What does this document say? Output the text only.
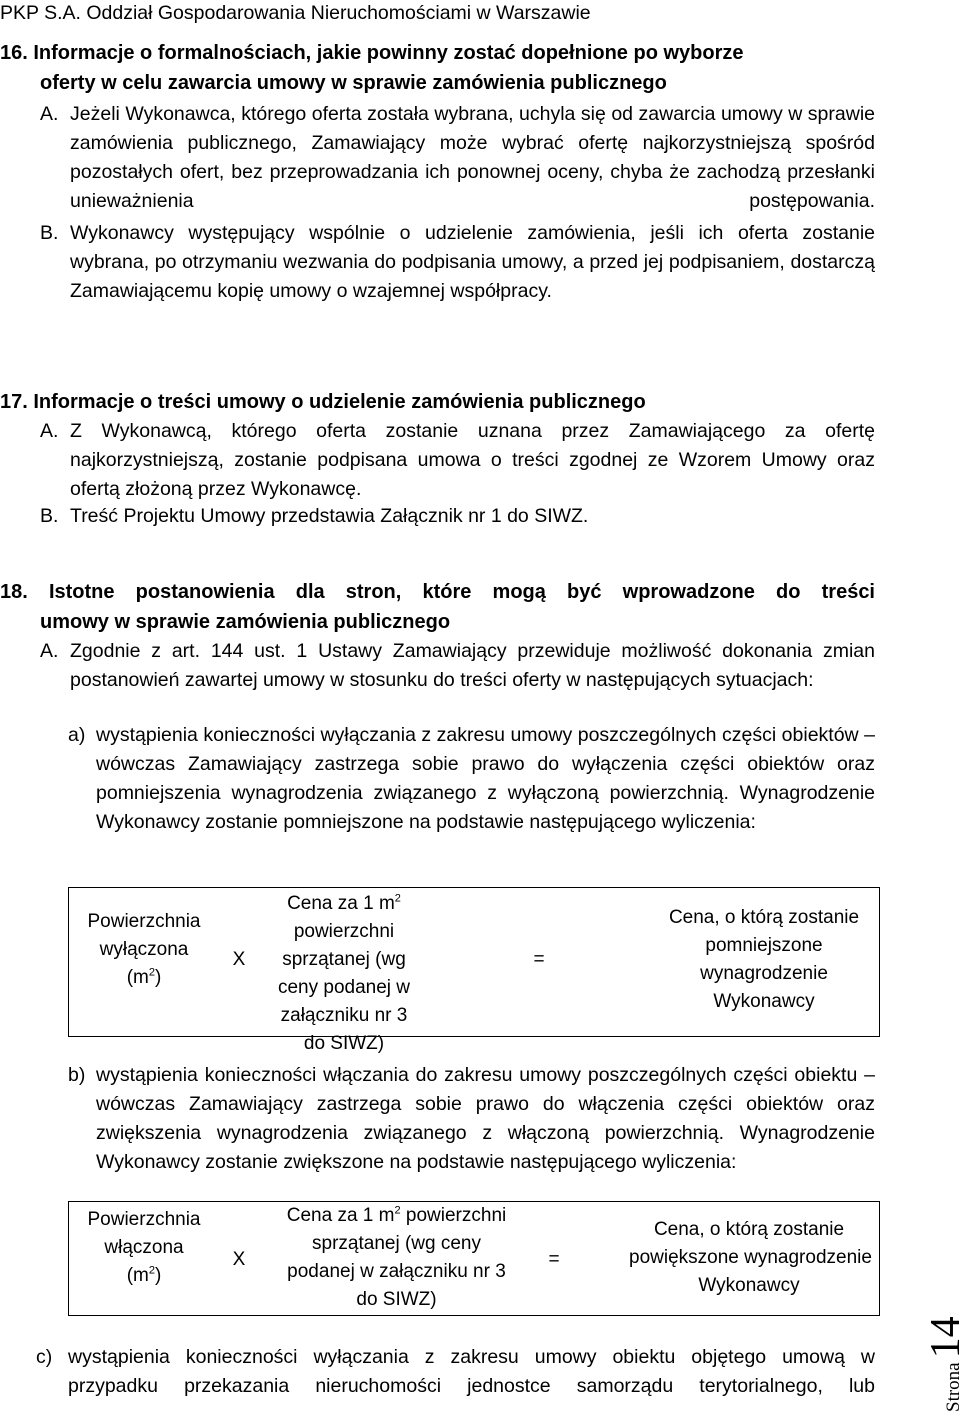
PKP S.A. Oddział Gospodarowania Nieruchomościami w Warszawie
16. Informacje o formalnościach, jakie powinny zostać dopełnione po wyborze
oferty w celu zawarcia umowy w sprawie zamówienia publicznego
A. Jeżeli Wykonawca, którego oferta została wybrana, uchyla się od zawarcia umowy w sprawie zamówienia publicznego, Zamawiający może wybrać ofertę najkorzystniejszą spośród pozostałych ofert, bez przeprowadzania ich ponownej oceny, chyba że zachodzą przesłanki unieważnienia postępowania.
B. Wykonawcy występujący wspólnie o udzielenie zamówienia, jeśli ich oferta zostanie wybrana, po otrzymaniu wezwania do podpisania umowy, a przed jej podpisaniem, dostarczą Zamawiającemu kopię umowy o wzajemnej współpracy.
17. Informacje o treści umowy o udzielenie zamówienia publicznego
A. Z Wykonawcą, którego oferta zostanie uznana przez Zamawiającego za ofertę najkorzystniejszą, zostanie podpisana umowa o treści zgodnej ze Wzorem Umowy oraz ofertą złożoną przez Wykonawcę.
B. Treść Projektu Umowy przedstawia Załącznik nr 1 do SIWZ.
18. Istotne postanowienia dla stron, które mogą być wprowadzone do treści
umowy w sprawie zamówienia publicznego
A. Zgodnie z art. 144 ust. 1 Ustawy Zamawiający przewiduje możliwość dokonania zmian postanowień zawartej umowy w stosunku do treści oferty w następujących sytuacjach:
a) wystąpienia konieczności wyłączania z zakresu umowy poszczególnych części obiektów – wówczas Zamawiający zastrzega sobie prawo do wyłączenia części obiektów oraz pomniejszenia wynagrodzenia związanego z wyłączoną powierzchnią. Wynagrodzenie Wykonawcy zostanie pomniejszone na podstawie następującego wyliczenia:
Powierzchnia
wyłączona
$(m^2)$
X
Cena za 1 $m^2$ powierzchni
sprzątanej (wg
ceny podanej w
załączniku nr 3
do SIWZ)
=
Cena, o którą zostanie
pomniejszone
wynagrodzenie
Wykonawcy
b) wystąpienia konieczności włączania do zakresu umowy poszczególnych części obiektu – wówczas Zamawiający zastrzega sobie prawo do włączenia części obiektów oraz zwiększenia wynagrodzenia związanego z włączoną powierzchnią. Wynagrodzenie Wykonawcy zostanie zwiększone na podstawie następującego wyliczenia:
Powierzchnia
włączona
$(m^2)$
X
Cena za 1 $m^2$ powierzchni
sprzątanej (wg ceny
podanej w załączniku nr 3
do SIWZ)
=
Cena, o którą zostanie
powiększone wynagrodzenie
Wykonawcy
c) wystąpienia konieczności wyłączania z zakresu umowy obiektu objętego umową w przypadku przekazania nieruchomości jednostce samorządu terytorialnego, lub	Strona 14
